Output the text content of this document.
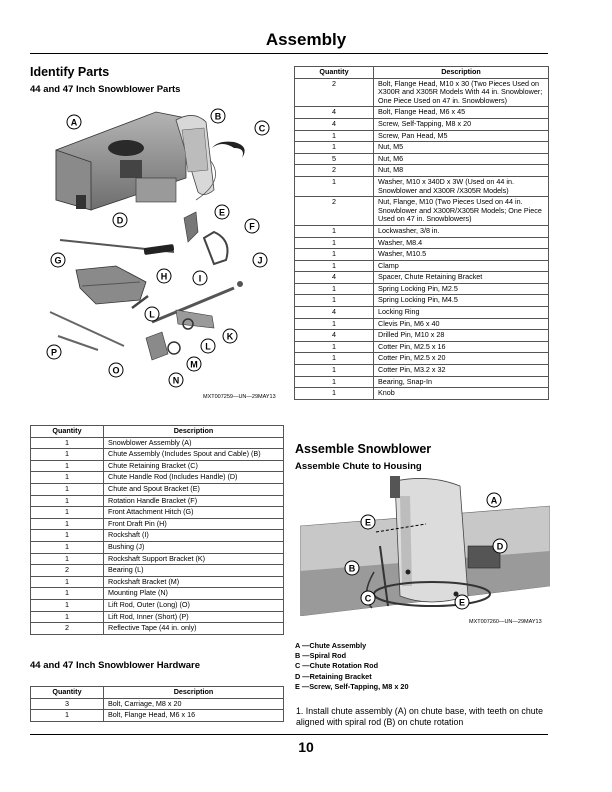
Assembly
Identify Parts
44 and 47 Inch Snowblower Parts
A
B
C
D
E
F
G
H	I
J
K
L
L
M
N
O
P
MXT007259—UN—29MAY13
Quantity	Description
1	Snowblower Assembly (A)
1	Chute Assembly (Includes Spout and Cable) (B)
1	Chute Retaining Bracket (C)
1	Chute Handle Rod (Includes Handle) (D)
1	Chute and Spout Bracket (E)
1	Rotation Handle Bracket (F)
1	Front Attachment Hitch (G)
1	Front Draft Pin (H)
1	Rockshaft (I)
1	Bushing (J)
1	Rockshaft Support Bracket (K)
2	Bearing (L)
1	Rockshaft Bracket (M)
1	Mounting Plate (N)
1	Lift Rod, Outer (Long) (O)
1	Lift Rod, Inner (Short) (P)
2	Reflective Tape (44 in. only)
44 and 47 Inch Snowblower Hardware
Quantity	Description
3	Bolt, Carriage, M8 x 20
1	Bolt, Flange Head, M6 x 16
Quantity	Description
2	Bolt, Flange Head, M10 x 30 (Two Pieces Used on X300R and X305R Models With 44 in. Snowblower; One Piece Used on 47 in. Snowblowers)
4	Bolt, Flange Head, M6 x 45
4	Screw, Self-Tapping, M8 x 20
1	Screw, Pan Head, M5
1	Nut, M5
5	Nut, M6
2	Nut, M8
1	Washer, M10 x 340D x 3W (Used on 44 in. Snowblower and X300R /X305R Models)
2	Nut, Flange, M10 (Two Pieces Used on 44 in. Snowblower and X300R/X305R Models; One Piece Used on 47 in. Snowblowers)
1	Lockwasher, 3/8 in.
1	Washer, M8.4
1	Washer, M10.5
1	Clamp
4	Spacer, Chute Retaining Bracket
1	Spring Locking Pin, M2.5
1	Spring Locking Pin, M4.5
4	Locking Ring
1	Clevis Pin, M6 x 40
4	Drilled Pin, M10 x 28
1	Cotter Pin, M2.5 x 16
1	Cotter Pin, M2.5 x 20
1	Cotter Pin, M3.2 x 32
1	Bearing, Snap-In
1	Knob
Assemble Snowblower
Assemble Chute to Housing
A
B
C
D
E
E
MXT007260—UN—29MAY13
A —Chute Assembly
B —Spiral Rod
C —Chute Rotation Rod
D —Retaining Bracket
E —Screw, Self-Tapping, M8 x 20
1. Install chute assembly (A) on chute base, with teeth on chute aligned with spiral rod (B) on chute rotation
10
